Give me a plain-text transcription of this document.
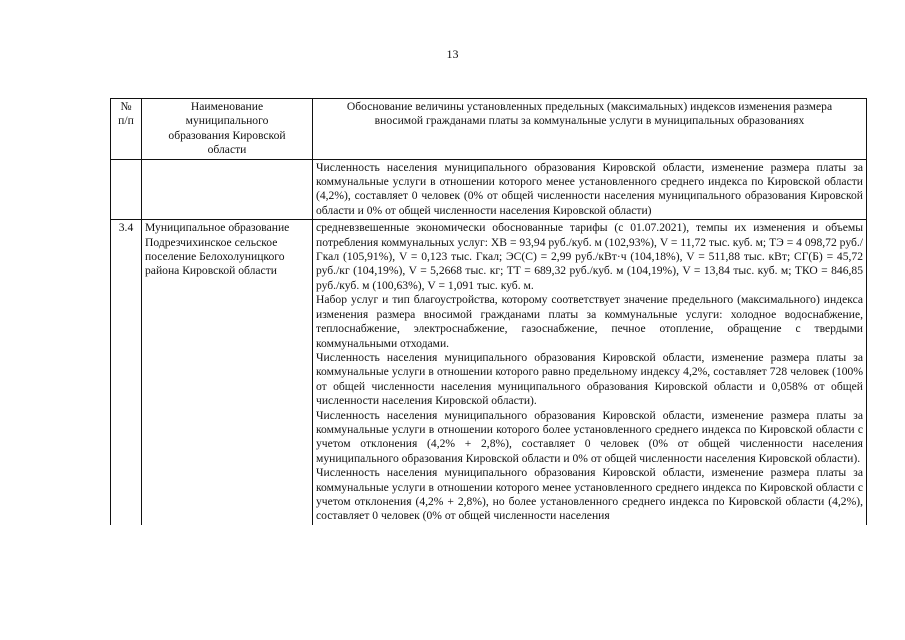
13
№
п/п	Наименование муниципального образования Кировской области	Обоснование величины установленных предельных (максимальных) индексов изменения размера вносимой гражданами платы за коммунальные услуги в муниципальных образованиях

		Численность населения муниципального образования Кировской области, изменение размера платы за коммунальные услуги в отношении которого менее установленного среднего индекса по Кировской области (4,2%), составляет 0 человек (0% от общей численности населения муниципального образования Кировской области и 0% от общей численности населения Кировской области)

3.4	Муниципальное образование Подрезчихинское сельское поселение Белохолуницкого района Кировской области	средневзвешенные экономически обоснованные тарифы (с 01.07.2021), темпы их изменения и объемы потребления коммунальных услуг: ХВ = 93,94 руб./куб. м (102,93%), V = 11,72 тыс. куб. м; ТЭ = 4 098,72 руб./Гкал (105,91%), V = 0,123 тыс. Гкал; ЭС(С) = 2,99 руб./кВт·ч (104,18%), V = 511,88 тыс. кВт; СГ(Б) = 45,72 руб./кг (104,19%), V = 5,2668 тыс. кг; ТТ = 689,32 руб./куб. м (104,19%), V = 13,84 тыс. куб. м; ТКО = 846,85 руб./куб. м (100,63%), V = 1,091 тыс. куб. м.

Набор услуг и тип благоустройства, которому соответствует значение предельного (максимального) индекса изменения размера вносимой гражданами платы за коммунальные услуги: холодное водоснабжение, теплоснабжение, электроснабжение, газоснабжение, печное отопление, обращение с твердыми коммунальными отходами.

Численность населения муниципального образования Кировской области, изменение размера платы за коммунальные услуги в отношении которого равно предельному индексу 4,2%, составляет 728 человек (100% от общей численности населения муниципального образования Кировской области и 0,058% от общей численности населения Кировской области).

Численность населения муниципального образования Кировской области, изменение размера платы за коммунальные услуги в отношении которого более установленного среднего индекса по Кировской области с учетом отклонения (4,2% + 2,8%), составляет 0 человек (0% от общей численности населения муниципального образования Кировской области и 0% от общей численности населения Кировской области).

Численность населения муниципального образования Кировской области, изменение размера платы за коммунальные услуги в отношении которого менее установленного среднего индекса по Кировской области с учетом отклонения (4,2% + 2,8%), но более установленного среднего индекса по Кировской области (4,2%), составляет 0 человек (0% от общей численности населения
